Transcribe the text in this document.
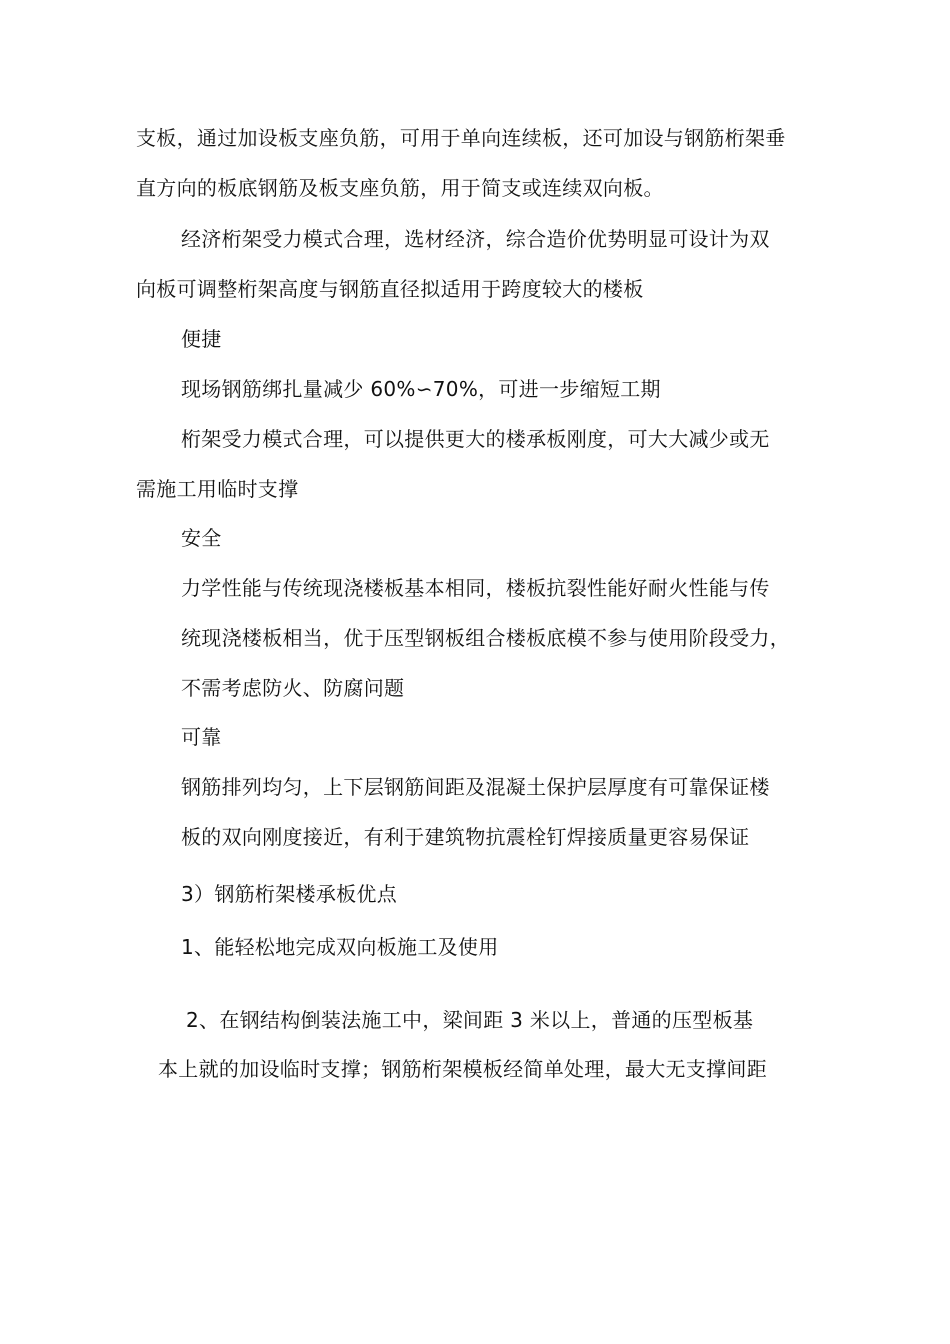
支板，通过加设板支座负筋，可用于单向连续板，还可加设与钢筋桁架垂
直方向的板底钢筋及板支座负筋，用于简支或连续双向板。
经济桁架受力模式合理，选材经济，综合造价优势明显可设计为双
向板可调整桁架高度与钢筋直径拟适用于跨度较大的楼板
便捷
现场钢筋绑扎量减少 60%∽70%，可进一步缩短工期
桁架受力模式合理，可以提供更大的楼承板刚度，可大大减少或无
需施工用临时支撑
安全
力学性能与传统现浇楼板基本相同，楼板抗裂性能好耐火性能与传
统现浇楼板相当，优于压型钢板组合楼板底模不参与使用阶段受力，
不需考虑防火、防腐问题
可靠
钢筋排列均匀，上下层钢筋间距及混凝土保护层厚度有可靠保证楼
板的双向刚度接近，有利于建筑物抗震栓钉焊接质量更容易保证
3）钢筋桁架楼承板优点
1、能轻松地完成双向板施工及使用
2、在钢结构倒装法施工中，梁间距 3 米以上，普通的压型板基
本上就的加设临时支撑；钢筋桁架模板经简单处理，最大无支撑间距
